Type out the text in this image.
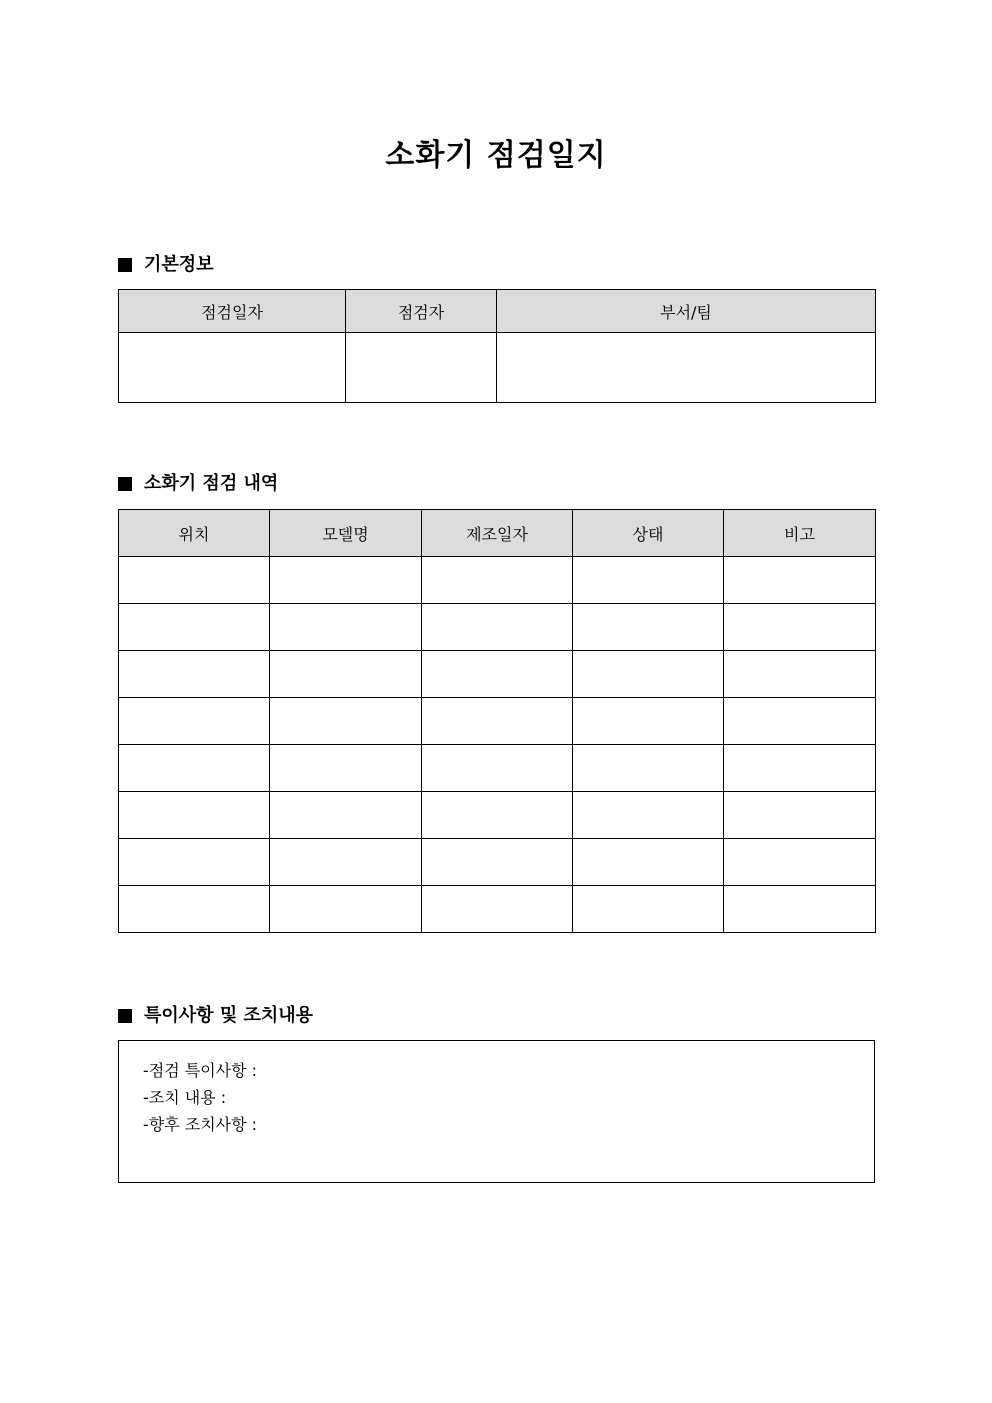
소화기 점검일지
기본정보
점검일자	점검자	부서/팀

소화기 점검 내역
위치	모델명	제조일자	상태	비고

특이사항 및 조치내용
-점검 특이사항 :
-조치 내용 :
-향후 조치사항 :
